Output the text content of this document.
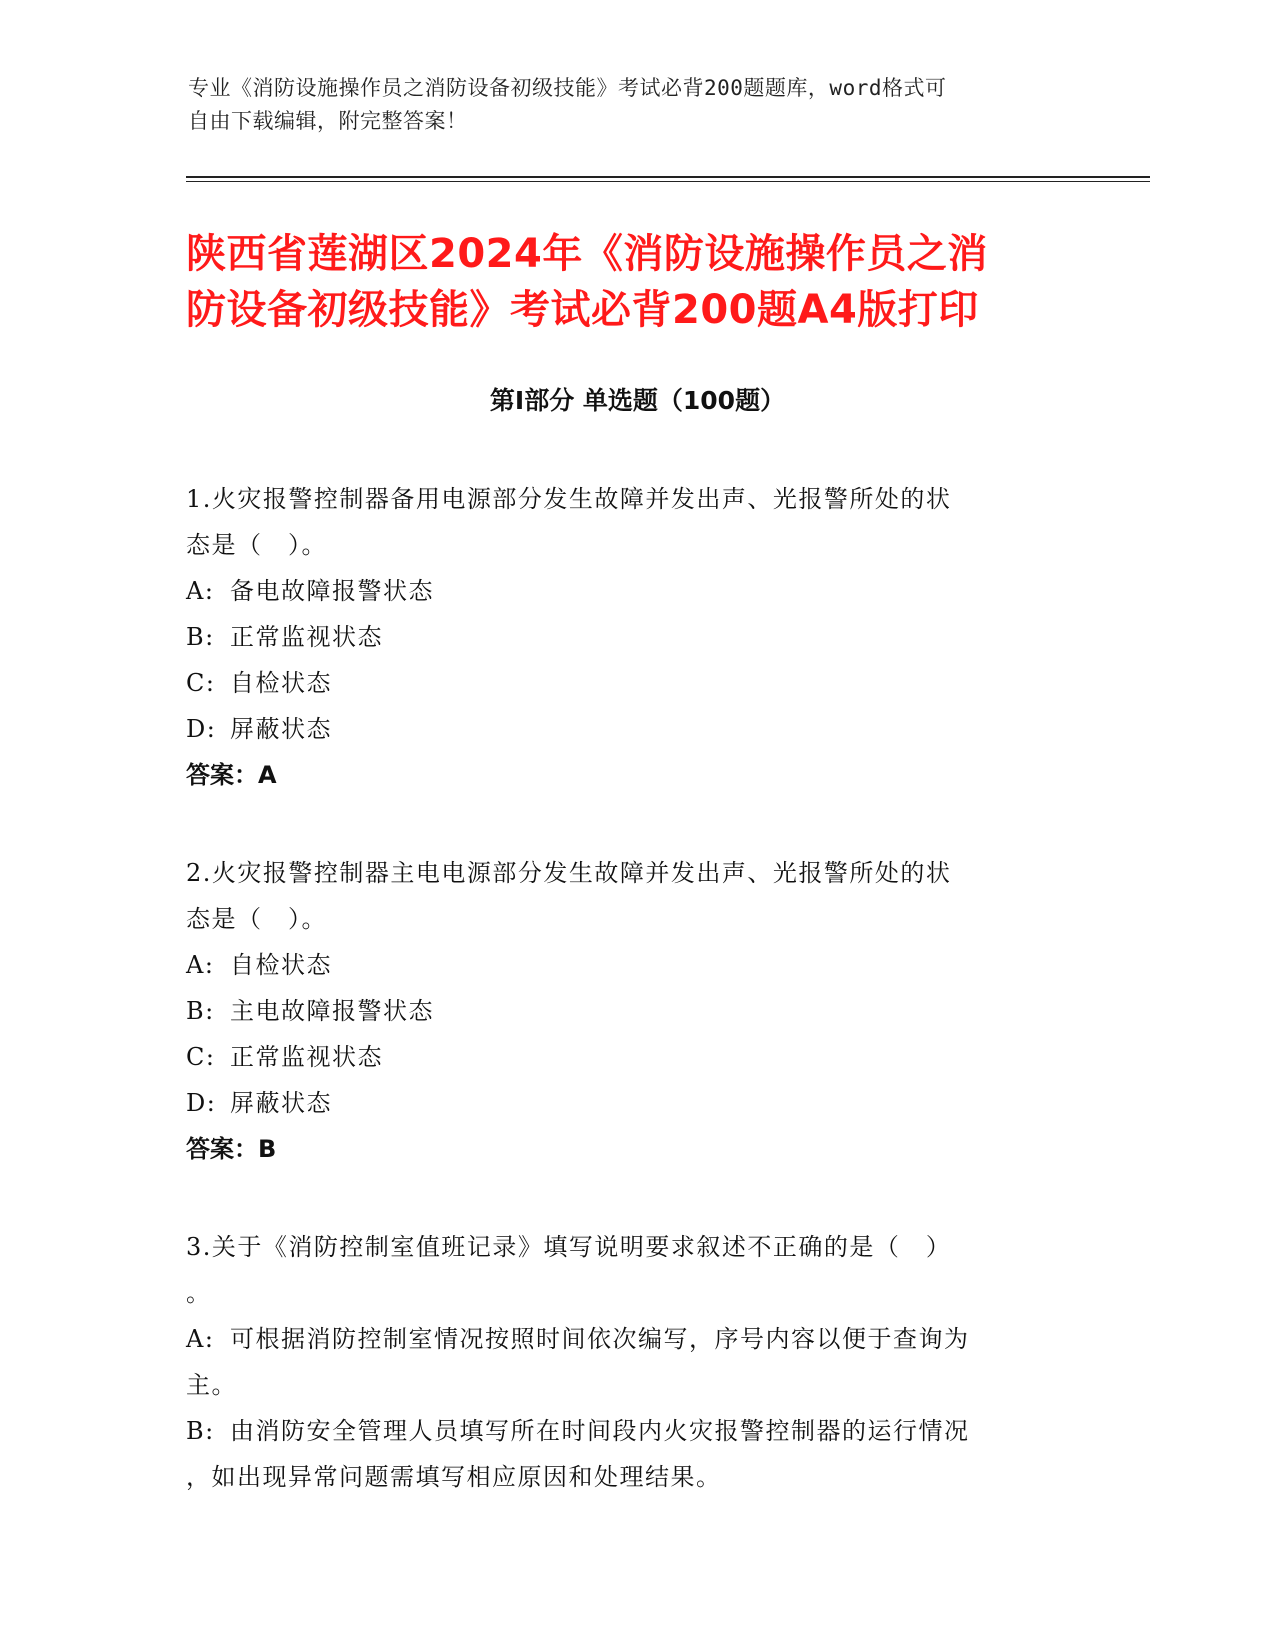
专业《消防设施操作员之消防设备初级技能》考试必背200题题库，word格式可
自由下载编辑，附完整答案！
陕西省莲湖区2024年《消防设施操作员之消
防设备初级技能》考试必背200题A4版打印
第I部分 单选题（100题）
1.火灾报警控制器备用电源部分发生故障并发出声、光报警所处的状
态是（　）。
A: 备电故障报警状态
B: 正常监视状态
C: 自检状态
D: 屏蔽状态
答案：A
2.火灾报警控制器主电电源部分发生故障并发出声、光报警所处的状
态是（　）。
A: 自检状态
B: 主电故障报警状态
C: 正常监视状态
D: 屏蔽状态
答案：B
3.关于《消防控制室值班记录》填写说明要求叙述不正确的是（　）
。
A: 可根据消防控制室情况按照时间依次编写，序号内容以便于查询为
主。
B: 由消防安全管理人员填写所在时间段内火灾报警控制器的运行情况
，如出现异常问题需填写相应原因和处理结果。
